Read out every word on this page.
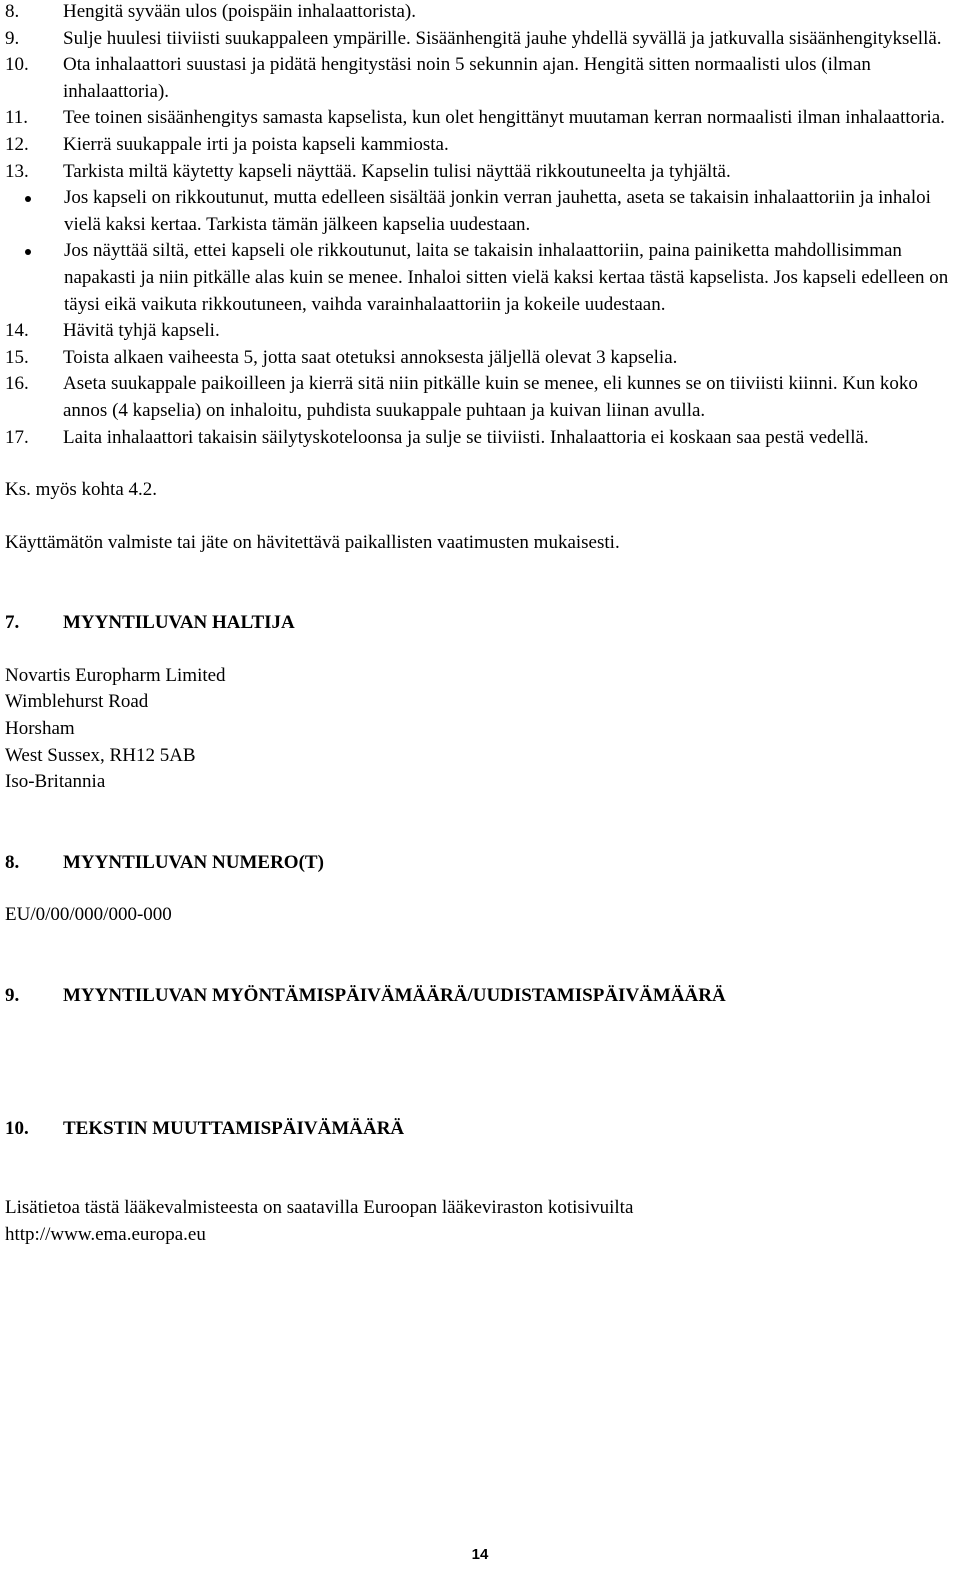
8. Hengitä syvään ulos (poispäin inhalaattorista).
9. Sulje huulesi tiiviisti suukappaleen ympärille. Sisäänhengitä jauhe yhdellä syvällä ja jatkuvalla sisäänhengityksellä.
10. Ota inhalaattori suustasi ja pidätä hengitystäsi noin 5 sekunnin ajan. Hengitä sitten normaalisti ulos (ilman inhalaattoria).
11. Tee toinen sisäänhengitys samasta kapselista, kun olet hengittänyt muutaman kerran normaalisti ilman inhalaattoria.
12. Kierrä suukappale irti ja poista kapseli kammiosta.
13. Tarkista miltä käytetty kapseli näyttää. Kapselin tulisi näyttää rikkoutuneelta ja tyhjältä.
Jos kapseli on rikkoutunut, mutta edelleen sisältää jonkin verran jauhetta, aseta se takaisin inhalaattoriin ja inhaloi vielä kaksi kertaa. Tarkista tämän jälkeen kapselia uudestaan.
Jos näyttää siltä, ettei kapseli ole rikkoutunut, laita se takaisin inhalaattoriin, paina painiketta mahdollisimman napakasti ja niin pitkälle alas kuin se menee. Inhaloi sitten vielä kaksi kertaa tästä kapselista. Jos kapseli edelleen on täysi eikä vaikuta rikkoutuneen, vaihda varainhalaattoriin ja kokeile uudestaan.
14. Hävitä tyhjä kapseli.
15. Toista alkaen vaiheesta 5, jotta saat otetuksi annoksesta jäljellä olevat 3 kapselia.
16. Aseta suukappale paikoilleen ja kierrä sitä niin pitkälle kuin se menee, eli kunnes se on tiiviisti kiinni. Kun koko annos (4 kapselia) on inhaloitu, puhdista suukappale puhtaan ja kuivan liinan avulla.
17. Laita inhalaattori takaisin säilytyskoteloonsa ja sulje se tiiviisti. Inhalaattoria ei koskaan saa pestä vedellä.

Ks. myös kohta 4.2.

Käyttämätön valmiste tai jäte on hävitettävä paikallisten vaatimusten mukaisesti.

7. MYYNTILUVAN HALTIJA
Novartis Europharm Limited
Wimblehurst Road
Horsham
West Sussex, RH12 5AB
Iso-Britannia
8. MYYNTILUVAN NUMERO(T)

EU/0/00/000/000-000

9. MYYNTILUVAN MYÖNTÄMISPÄIVÄMÄÄRÄ/UUDISTAMISPÄIVÄMÄÄRÄ
10. TEKSTIN MUUTTAMISPÄIVÄMÄÄRÄ

Lisätietoa tästä lääkevalmisteesta on saatavilla Euroopan lääkeviraston kotisivuilta

http://www.ema.europa.eu

14
